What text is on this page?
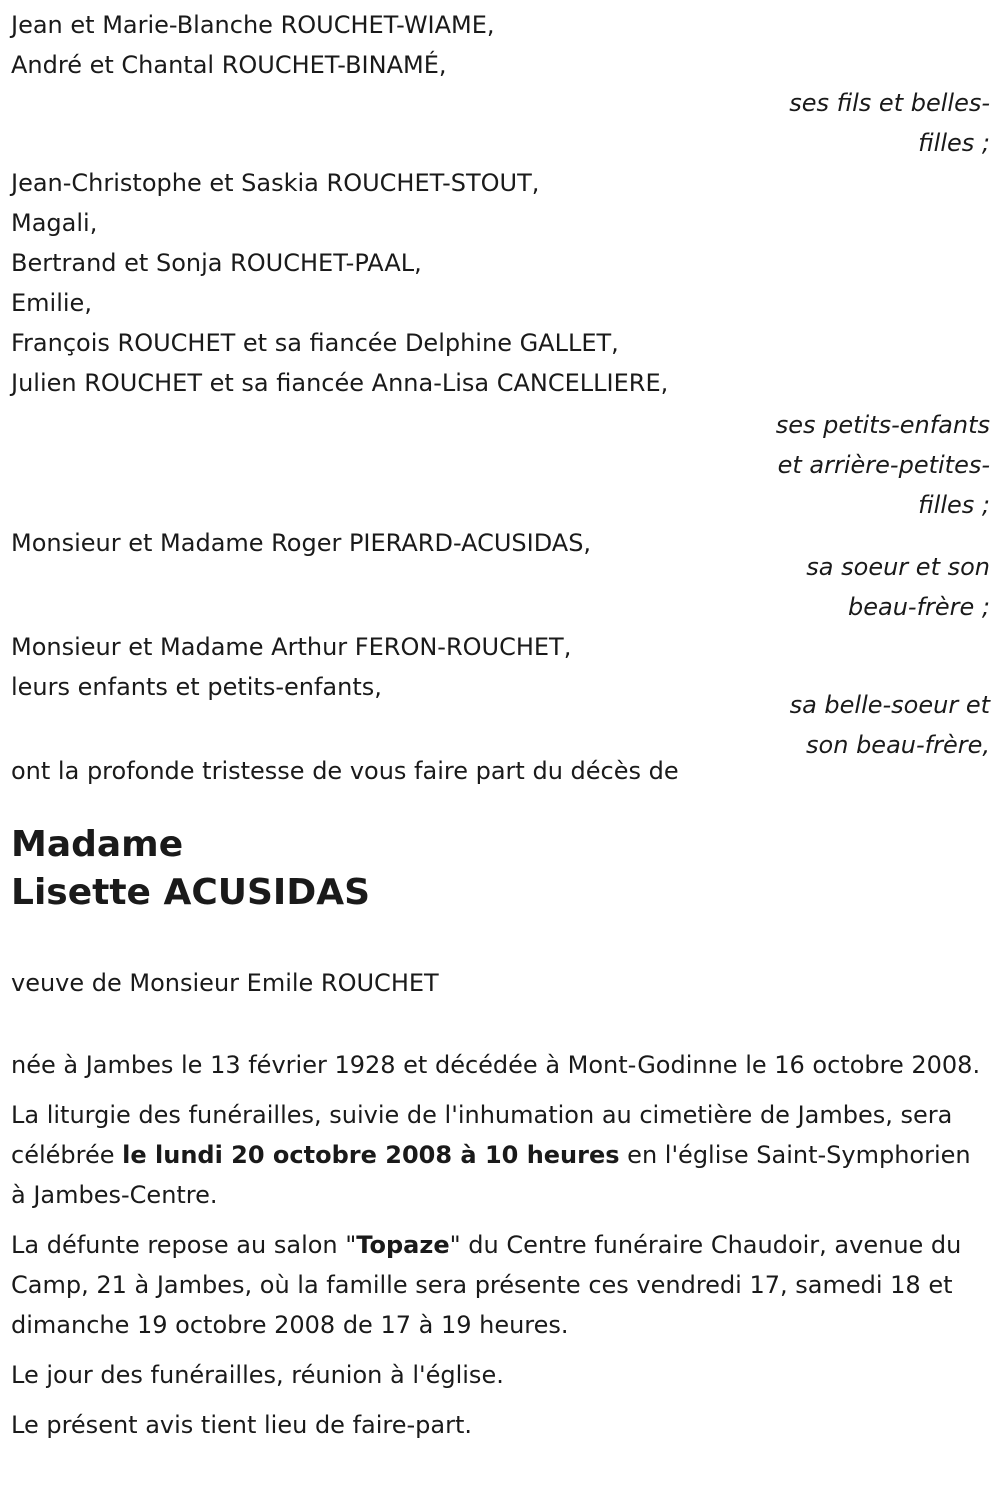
Jean et Marie-Blanche ROUCHET-WIAME,
André et Chantal ROUCHET-BINAMÉ,
ses fils et belles-filles ;
Jean-Christophe et Saskia ROUCHET-STOUT,
Magali,
Bertrand et Sonja ROUCHET-PAAL,
Emilie,
François ROUCHET et sa fiancée Delphine GALLET,
Julien ROUCHET et sa fiancée Anna-Lisa CANCELLIERE,
ses petits-enfants et arrière-petites-filles ;
Monsieur et Madame Roger PIERARD-ACUSIDAS,
sa soeur et son beau-frère ;
Monsieur et Madame Arthur FERON-ROUCHET,
leurs enfants et petits-enfants,
sa belle-soeur et son beau-frère,
ont la profonde tristesse de vous faire part du décès de
Madame
Lisette ACUSIDAS
veuve de Monsieur Emile ROUCHET
née à Jambes le 13 février 1928 et décédée à Mont-Godinne le 16 octobre 2008.
La liturgie des funérailles, suivie de l'inhumation au cimetière de Jambes, sera célébrée le lundi 20 octobre 2008 à 10 heures en l'église Saint-Symphorien à Jambes-Centre.
La défunte repose au salon "Topaze" du Centre funéraire Chaudoir, avenue du Camp, 21 à Jambes, où la famille sera présente ces vendredi 17, samedi 18 et dimanche 19 octobre 2008 de 17 à 19 heures.
Le jour des funérailles, réunion à l'église.
Le présent avis tient lieu de faire-part.
